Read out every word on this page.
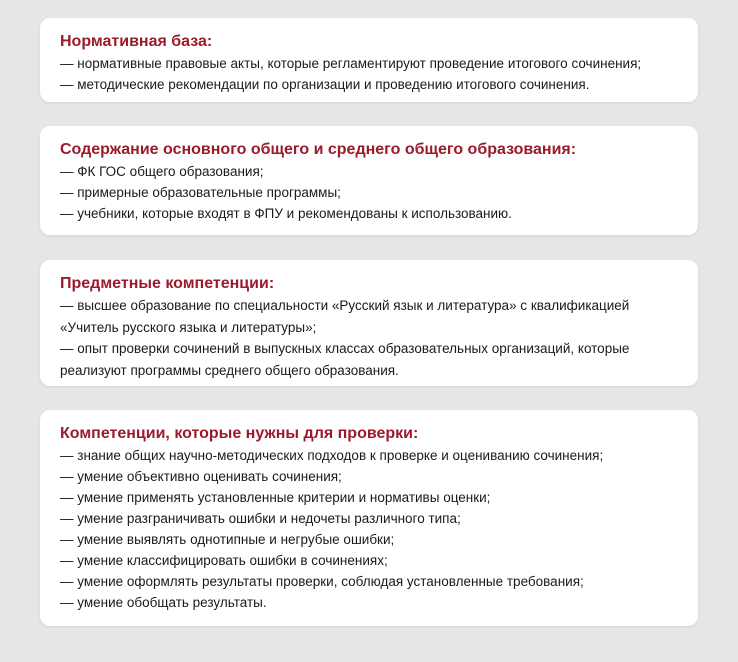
Нормативная база:
— нормативные правовые акты, которые регламентируют проведение итогового сочинения;
— методические рекомендации по организации и проведению итогового сочинения.
Содержание основного общего и среднего общего образования:
— ФК ГОС общего образования;
— примерные образовательные программы;
— учебники, которые входят в ФПУ и рекомендованы к использованию.
Предметные компетенции:
— высшее образование по специальности «Русский язык и литература» с квалификацией «Учитель русского языка и литературы»;
— опыт проверки сочинений в выпускных классах образовательных организаций, которые реализуют программы среднего общего образования.
Компетенции, которые нужны для проверки:
— знание общих научно-методических подходов к проверке и оцениванию сочинения;
— умение объективно оценивать сочинения;
— умение применять установленные критерии и нормативы оценки;
— умение разграничивать ошибки и недочеты различного типа;
— умение выявлять однотипные и негрубые ошибки;
— умение классифицировать ошибки в сочинениях;
— умение оформлять результаты проверки, соблюдая установленные требования;
— умение обобщать результаты.
